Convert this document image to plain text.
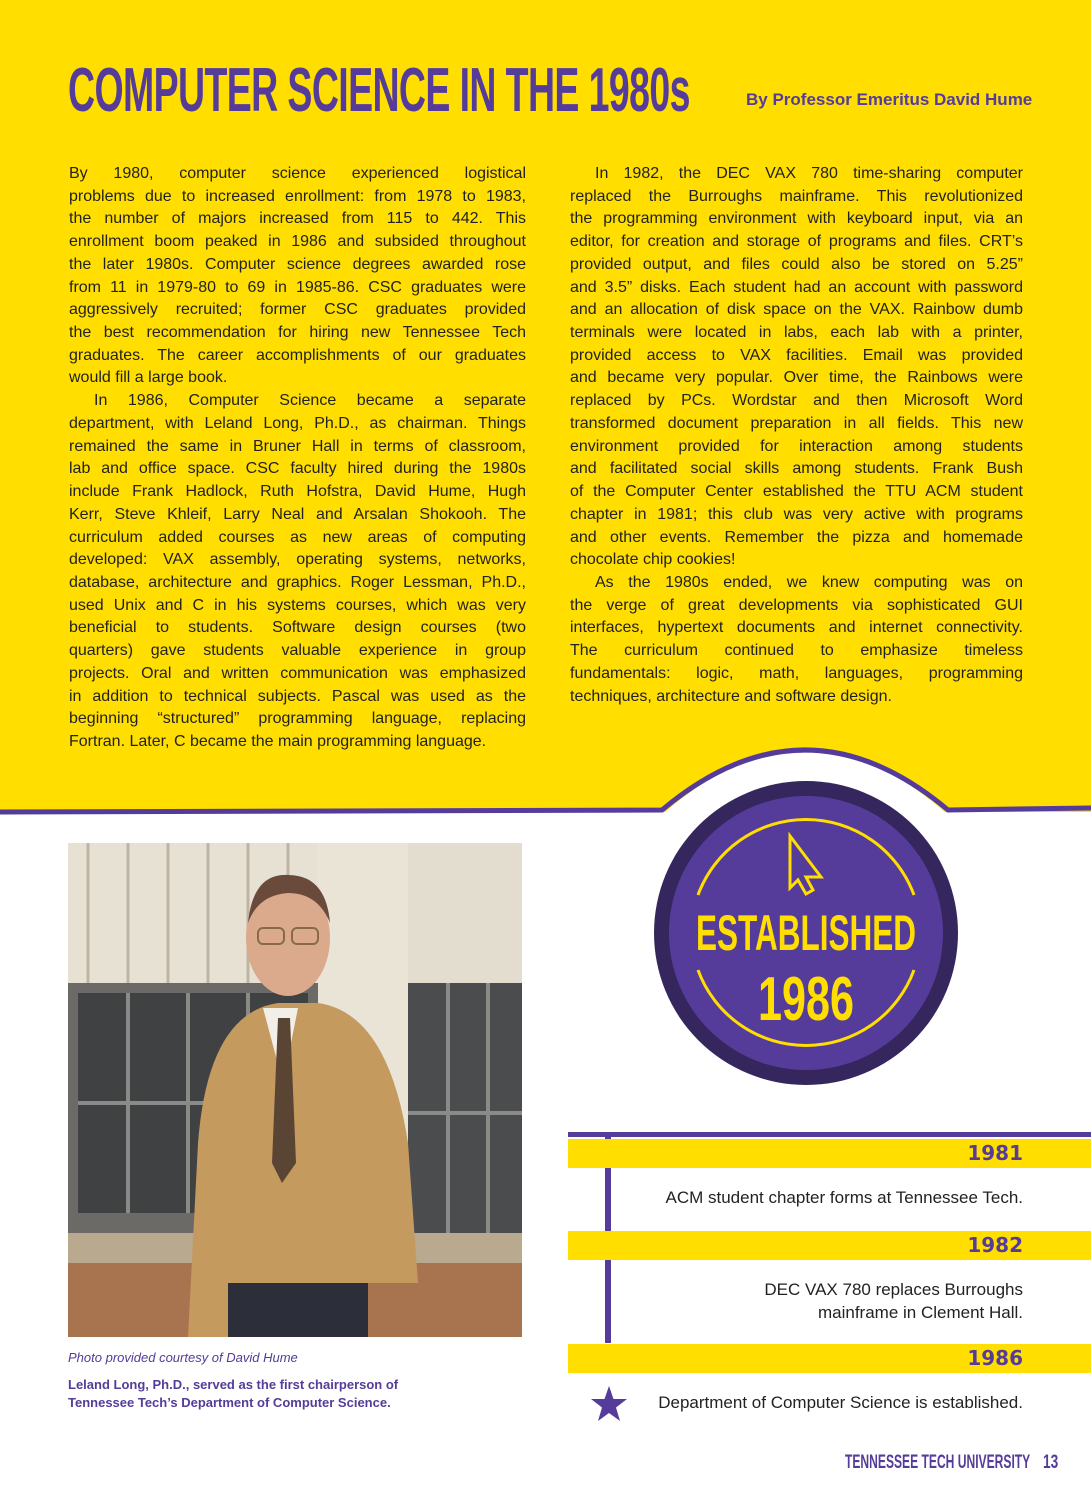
COMPUTER SCIENCE IN THE 1980s	By Professor Emeritus David Hume
By 1980, computer science experienced logistical
problems due to increased enrollment: from 1978 to 1983,
the number of majors increased from 115 to 442. This
enrollment boom peaked in 1986 and subsided throughout
the later 1980s. Computer science degrees awarded rose
from 11 in 1979-80 to 69 in 1985-86. CSC graduates were
aggressively recruited; former CSC graduates provided
the best recommendation for hiring new Tennessee Tech
graduates. The career accomplishments of our graduates
would fill a large book.
In 1986, Computer Science became a separate
department, with Leland Long, Ph.D., as chairman. Things
remained the same in Bruner Hall in terms of classroom,
lab and office space. CSC faculty hired during the 1980s
include Frank Hadlock, Ruth Hofstra, David Hume, Hugh
Kerr, Steve Khleif, Larry Neal and Arsalan Shokooh. The
curriculum added courses as new areas of computing
developed: VAX assembly, operating systems, networks,
database, architecture and graphics. Roger Lessman, Ph.D.,
used Unix and C in his systems courses, which was very
beneficial to students. Software design courses (two
quarters) gave students valuable experience in group
projects. Oral and written communication was emphasized
in addition to technical subjects. Pascal was used as the
beginning “structured” programming language, replacing
Fortran. Later, C became the main programming language.
In 1982, the DEC VAX 780 time-sharing computer
replaced the Burroughs mainframe. This revolutionized
the programming environment with keyboard input, via an
editor, for creation and storage of programs and files. CRT’s
provided output, and files could also be stored on 5.25”
and 3.5” disks. Each student had an account with password
and an allocation of disk space on the VAX. Rainbow dumb
terminals were located in labs, each lab with a printer,
provided access to VAX facilities. Email was provided
and became very popular. Over time, the Rainbows were
replaced by PCs. Wordstar and then Microsoft Word
transformed document preparation in all fields. This new
environment provided for interaction among students
and facilitated social skills among students. Frank Bush
of the Computer Center established the TTU ACM student
chapter in 1981; this club was very active with programs
and other events. Remember the pizza and homemade
chocolate chip cookies!
As the 1980s ended, we knew computing was on
the verge of great developments via sophisticated GUI
interfaces, hypertext documents and internet connectivity.
The curriculum continued to emphasize timeless
fundamentals: logic, math, languages, programming
techniques, architecture and software design.
Photo provided courtesy of David Hume
Leland Long, Ph.D., served as the first chairperson of Tennessee Tech’s Department of Computer Science.
ESTABLISHED
1986
1981
ACM student chapter forms at Tennessee Tech.
1982
DEC VAX 780 replaces Burroughs
mainframe in Clement Hall.
1986
Department of Computer Science is established.
TENNESSEE TECH UNIVERSITY 13
